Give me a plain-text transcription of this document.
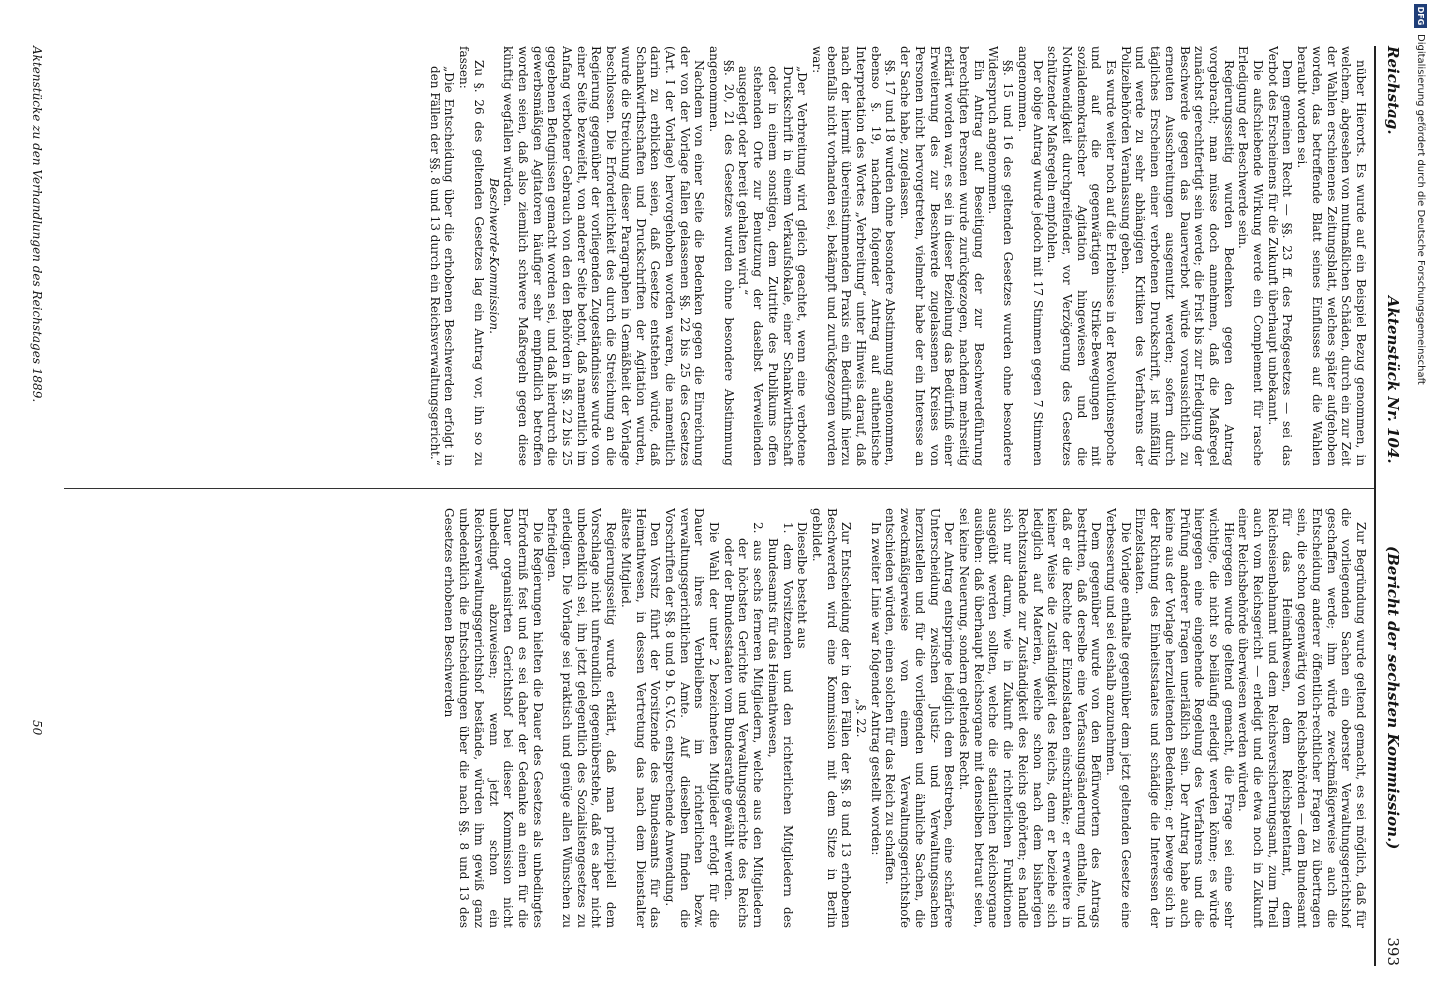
DFG
Digitalisierung gefördert durch die Deutsche Forschungsgemeinschaft
Reichstag.
Aktenstück Nr. 104.
(Bericht der sechsten Kommission.)
393

nüber Hierorts. Es wurde auf ein Beispiel Bezug genommen, in welchem, abgesehen von mutmaßlichen Schäden, durch ein zur Zeit der Wahlen erschienenes Zeitungsblatt, welches später aufgehoben worden, das betreffende Blatt seines Einflusses auf die Wahlen beraubt worden sei.

Dem gemeinen Recht — §§. 23 ff. des Preßgesetzes — sei das Verbot des Erscheinens für die Zukunft überhaupt unbekannt.

Die aufschiebende Wirkung werde ein Complement für rasche Erledigung der Beschwerde sein.

Regierungsseitig wurden Bedenken gegen den Antrag vorgebracht; man müsse doch annehmen, daß die Maßregel zunächst gerechtfertigt sein werde; die Frist bis zur Erledigung der Beschwerde gegen das Dauerverbot würde voraussichtlich zu erneuten Ausschreitungen ausgenutzt werden; sofern durch tägliches Erscheinen einer verbotenen Druckschrift, ist mißfällig und werde zu sehr abhängigen Kritiken des Verfahrens der Polizeibehörden Veranlassung geben.

Es wurde weiter noch auf die Erlebnisse in der Revolutionsepoche und auf die gegenwärtigen Strike-Bewegungen mit sozialdemokratischer Agitation hingewiesen und die Nothwendigkeit durchgreifender, vor Verzögerung des Gesetzes schützender Maßregeln empfohlen.

Der obige Antrag wurde jedoch mit 17 Stimmen gegen 7 Stimmen angenommen.

§§. 15 und 16 des geltenden Gesetzes wurden ohne besondere Widerspruch angenommen.

Ein Antrag auf Beseitigung der zur Beschwerdeführung berechtigten Personen wurde zurückgezogen, nachdem mehrseitig erklärt worden war, es sei in dieser Beziehung das Bedürfniß einer Erweiterung des zur Beschwerde zugelassenen Kreises von Personen nicht hervorgetreten, vielmehr habe der ein Interesse an der Sache habe, zugelassen.

§§. 17 und 18 wurden ohne besondere Abstimmung angenommen, ebenso §. 19, nachdem folgender Antrag auf authentische Interpretation des Wortes „Verbreitung“ unter Hinweis darauf, daß nach der hiermit übereinstimmenden Praxis ein Bedürfniß hierzu ebenfalls nicht vorhanden sei, bekämpft und zurückgezogen worden war:

„Der Verbreitung wird gleich geachtet, wenn eine verbotene Druckschrift in einem Verkaufslokale, einer Schankwirthschaft oder in einem sonstigen, dem Zutritte des Publikums offen stehenden Orte zur Benutzung der daselbst Verweilenden ausgelegt oder bereit gehalten wird.“

§§. 20, 21 des Gesetzes wurden ohne besondere Abstimmung angenommen.

Nachdem von einer Seite die Bedenken gegen die Einreichung der von der Vorlage fallen gelassenen §§. 22 bis 25 des Gesetzes (Art. I der Vorlage) hervorgehoben worden waren, die namentlich darin zu erblicken seien, daß Gesetze entstehen würde, daß Schankwirthschaften und Druckschriften der Agitation wurden, wurde die Streichung dieser Paragraphen in Gemäßheit der Vorlage beschlossen. Die Erforderlichkeit des durch die Streichung an die Regierung gegenüber der vorliegenden Zugeständnisse wurde von einer Seite bezweifelt, von anderer Seite betont, daß namentlich im Anfang verbotener Gebrauch von den den Behörden in §§. 22 bis 25 gegebenen Befugnissen gemacht worden sei, und daß hierdurch die gewerbsmäßigen Agitatoren häufiger sehr empfindlich betroffen worden seien, daß also ziemlich schwere Maßregeln gegen diese künftig wegfallen würden.

Beschwerde-Kommission.

Zu §. 26 des geltenden Gesetzes lag ein Antrag vor, ihn so zu fassen:

„Die Entscheidung über die erhobenen Beschwerden erfolgt in den Fällen der §§. 8 und 13 durch ein Reichsverwaltungsgericht.“

Zur Begründung wurde geltend gemacht, es sei möglich, daß für die vorliegenden Sachen ein oberster Verwaltungsgerichtshof geschaffen werde; ihm würde zweckmäßigerweise auch die Entscheidung anderer öffentlich-rechtlicher Fragen zu übertragen sein, die schon gegenwärtig von Reichsbehörden — dem Bundesamt für das Heimathwesen, dem Reichspatentamt, dem Reichseisenbahnamt und dem Reichsversicherungsamt, zum Theil auch vom Reichsgericht — erledigt und die etwa noch in Zukunft einer Reichsbehörde überwiesen werden würden.

Hiergegen wurde geltend gemacht, die Frage sei eine sehr wichtige, die nicht so beiläufig erledigt werden könne; es würde hiergegen eine eingehende Regelung des Verfahrens und die Prüfung anderer Fragen unerläßlich sein. Der Antrag habe auch keine aus der Vorlage herzuleitenden Bedenken; er bewege sich in der Richtung des Einheitsstaates und schädige die Interessen der Einzelstaaten.

Die Vorlage enthalte gegenüber dem jetzt geltenden Gesetze eine Verbesserung und sei deshalb anzunehmen.

Dem gegenüber wurde von den Befürwortern des Antrags bestritten, daß derselbe eine Verfassungsänderung enthalte, und daß er die Rechte der Einzelstaaten einschränke; er erweitere in keiner Weise die Zuständigkeit des Reichs, denn er beziehe sich lediglich auf Materien, welche schon nach dem bisherigen Rechtszustande zur Zuständigkeit des Reichs gehörten; es handle sich nur darum, wie in Zukunft die richterlichen Funktionen ausgeübt werden sollten, welche die staatlichen Reichsorgane ausüben: daß überhaupt Reichsorgane mit denselben betraut seien, sei keine Neuerung, sondern geltendes Recht.

Der Antrag entspringe lediglich dem Bestreben, eine schärfere Unterscheidung zwischen Justiz- und Verwaltungssachen herzustellen und für die vorliegenden und ähnliche Sachen, die zweckmäßigerweise von einem Verwaltungsgerichtshofe entschieden würden, einen solchen für das Reich zu schaffen.

In zweiter Linie war folgender Antrag gestellt worden:

„§. 22.

Zur Entscheidung der in den Fällen der §§. 8 und 13 erhobenen Beschwerden wird eine Kommission mit dem Sitze in Berlin gebildet.

Dieselbe besteht aus

1. dem Vorsitzenden und den richterlichen Mitgliedern des Bundesamts für das Heimathwesen,

2. aus sechs ferneren Mitgliedern, welche aus den Mitgliedern der höchsten Gerichte und Verwaltungsgerichte des Reichs oder der Bundesstaaten vom Bundesrathe gewählt werden.

Die Wahl der unter 2 bezeichneten Mitglieder erfolgt für die Dauer ihres Verbleibens im richterlichen bezw. verwaltungsgerichtlichen Amte. Auf dieselben finden die Vorschriften der §§. 8 und 9 b. G.V.G. entsprechende Anwendung.

Den Vorsitz führt der Vorsitzende des Bundesamts für das Heimathwesen, in dessen Vertretung das nach dem Dienstalter älteste Mitglied.

Regierungsseitig wurde erklärt, daß man principiell dem Vorschlage nicht unfreundlich gegenüberstehe, daß es aber nicht unbedenklich sei, ihn jetzt gelegentlich des Sozialistengesetzes zu erledigen. Die Vorlage sei praktisch und genüge allen Wünschen zu befriedigen.

Die Regierungen hielten die Dauer des Gesetzes als unbedingtes Erforderniß fest und es sei daher der Gedanke an einen für die Dauer organisirten Gerichtshof bei dieser Kommission nicht unbedingt abzuweisen; wenn jetzt schon ein Reichsverwaltungsgerichtshof bestände, würden ihm gewiß ganz unbedenklich die Entscheidungen über die nach §§. 8 und 13 des Gesetzes erhobenen Beschwerden

Aktenstücke zu den Verhandlungen des Reichstages 1889.
50
